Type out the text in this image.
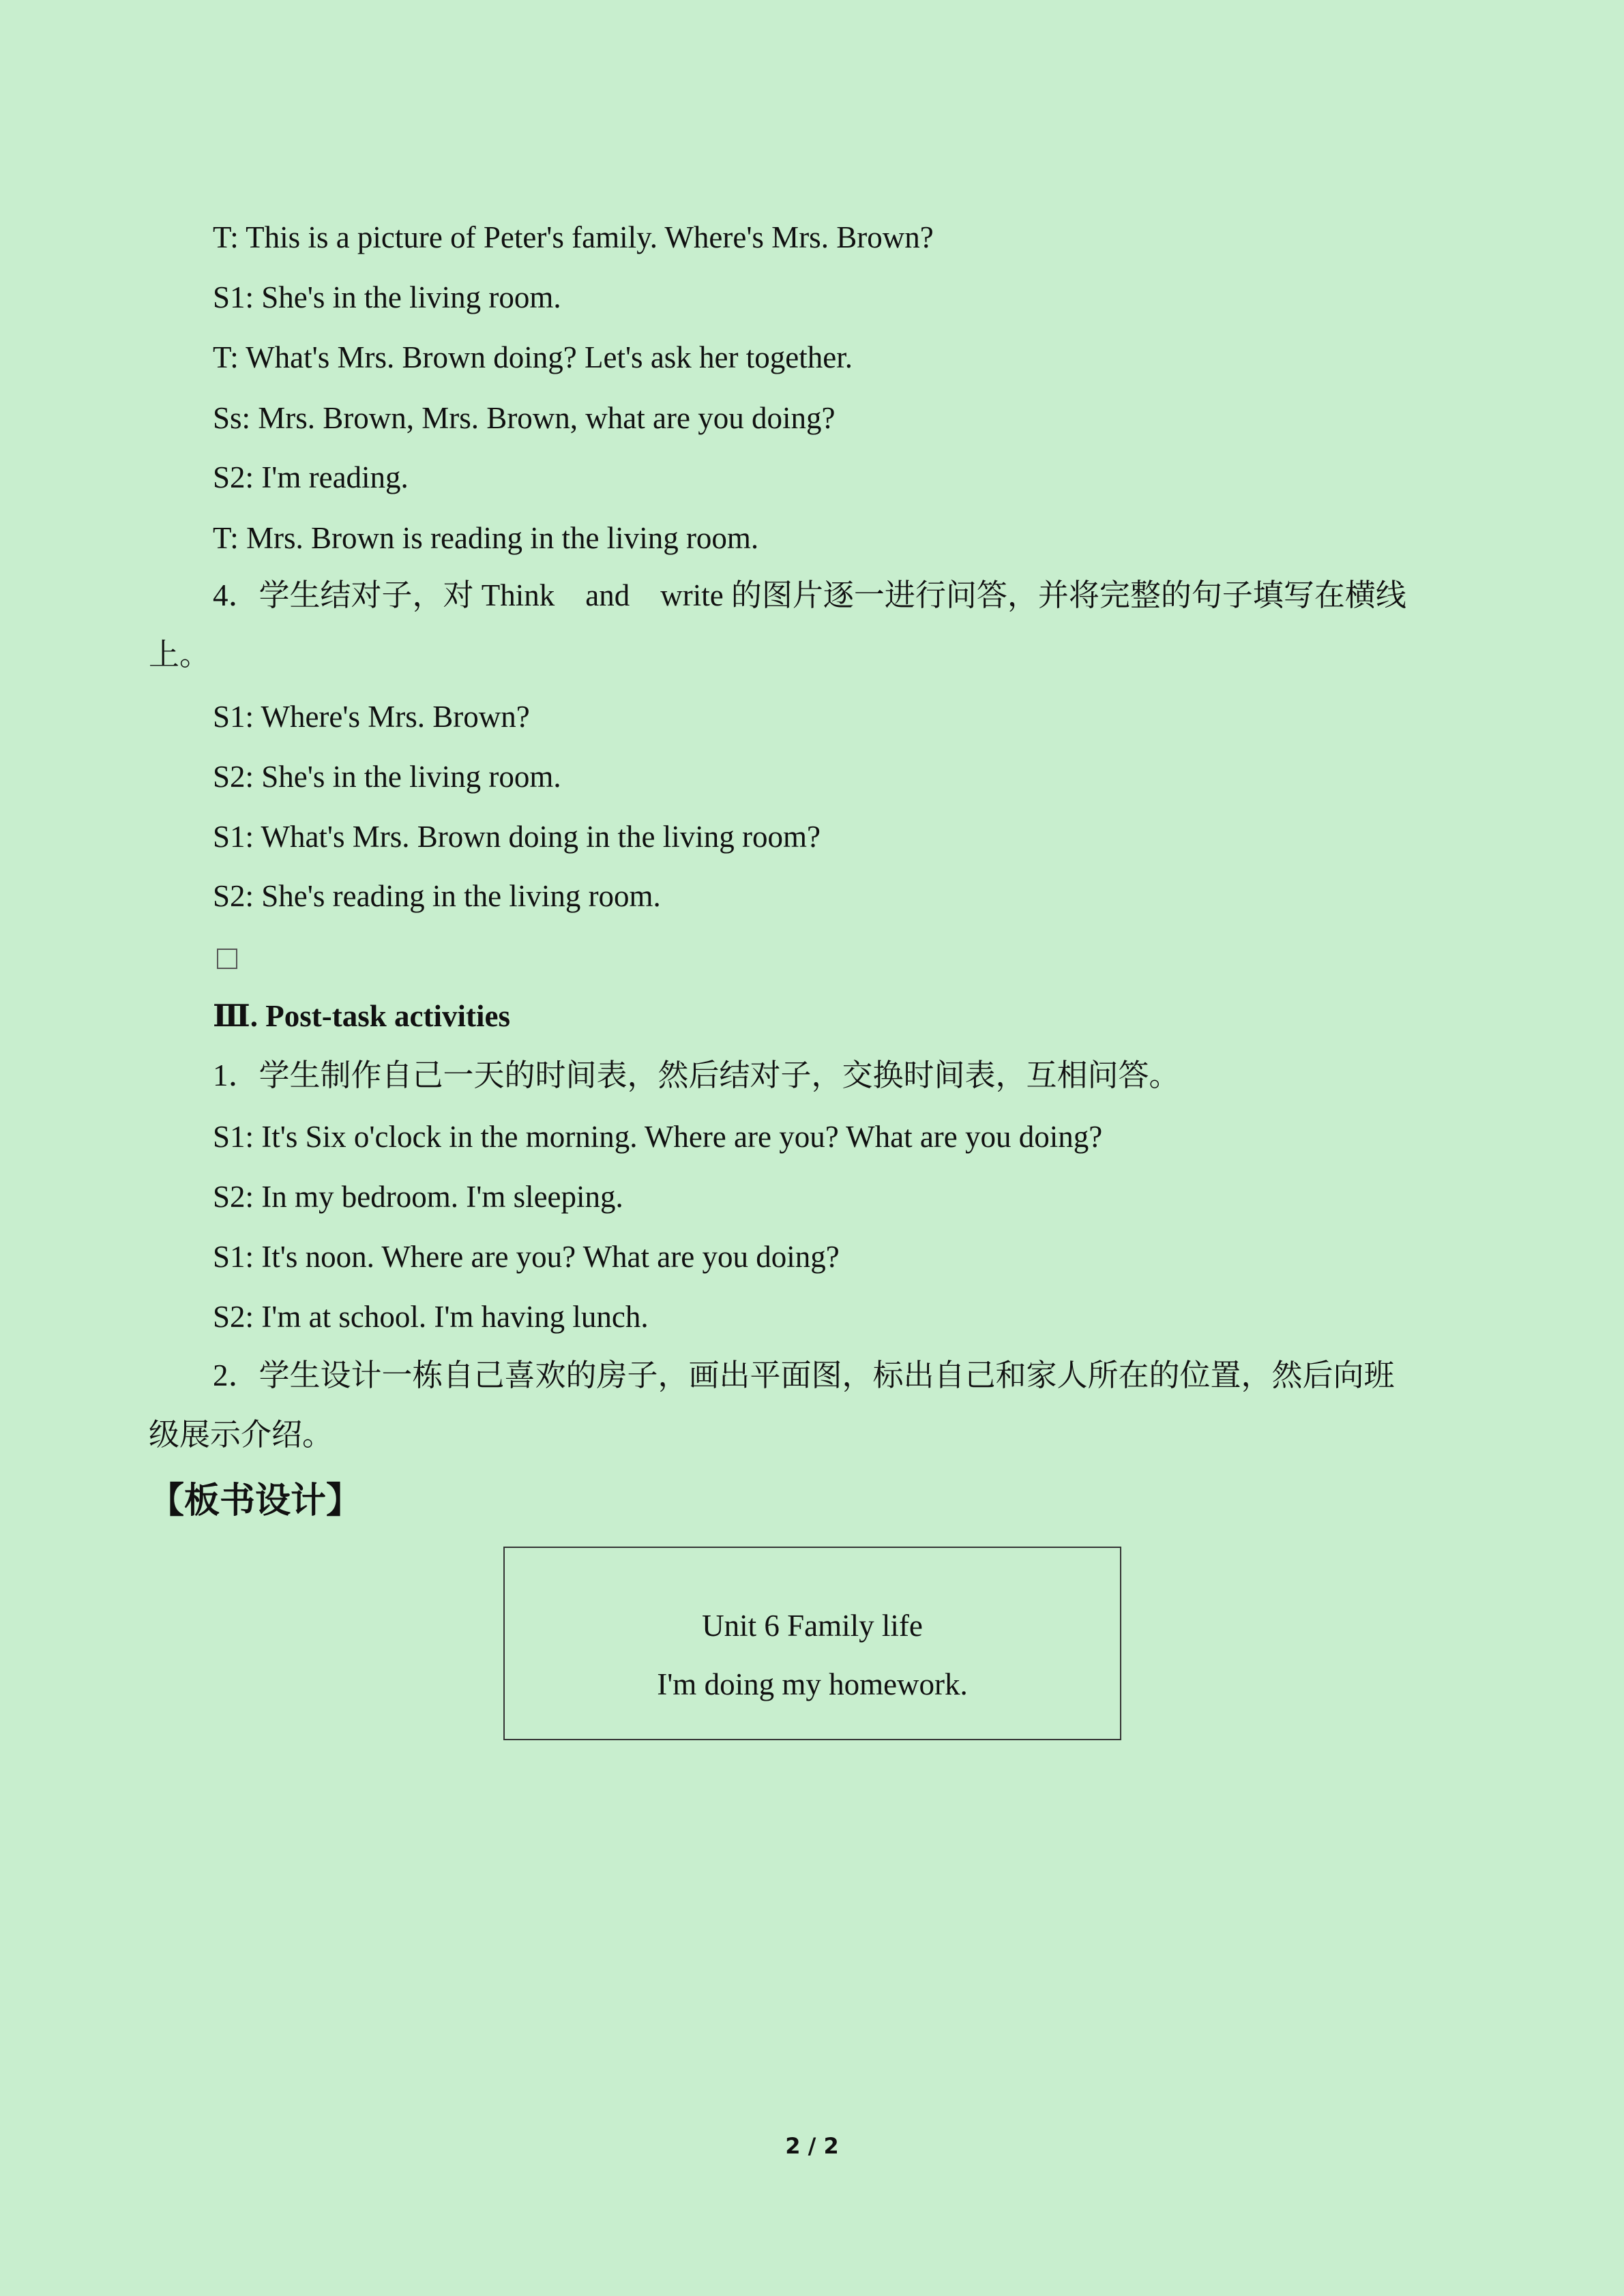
T: This is a picture of Peter's family. Where's Mrs. Brown?
S1: She's in the living room.
T: What's Mrs. Brown doing? Let's ask her together.
Ss: Mrs. Brown, Mrs. Brown, what are you doing?
S2: I'm reading.
T: Mrs. Brown is reading in the living room.
4．学生结对子，对 Think　and　write 的图片逐一进行问答，并将完整的句子填写在横线
上。
S1: Where's Mrs. Brown?
S2: She's in the living room.
S1: What's Mrs. Brown doing in the living room?
S2: She's reading in the living room.
Ⅲ. Post-task activities
1．学生制作自己一天的时间表，然后结对子，交换时间表，互相问答。
S1: It's Six o'clock in the morning. Where are you? What are you doing?
S2: In my bedroom. I'm sleeping.
S1: It's noon. Where are you? What are you doing?
S2: I'm at school. I'm having lunch.
2．学生设计一栋自己喜欢的房子，画出平面图，标出自己和家人所在的位置，然后向班
级展示介绍。
【板书设计】
Unit 6 Family life
I'm doing my homework.
2 / 2
